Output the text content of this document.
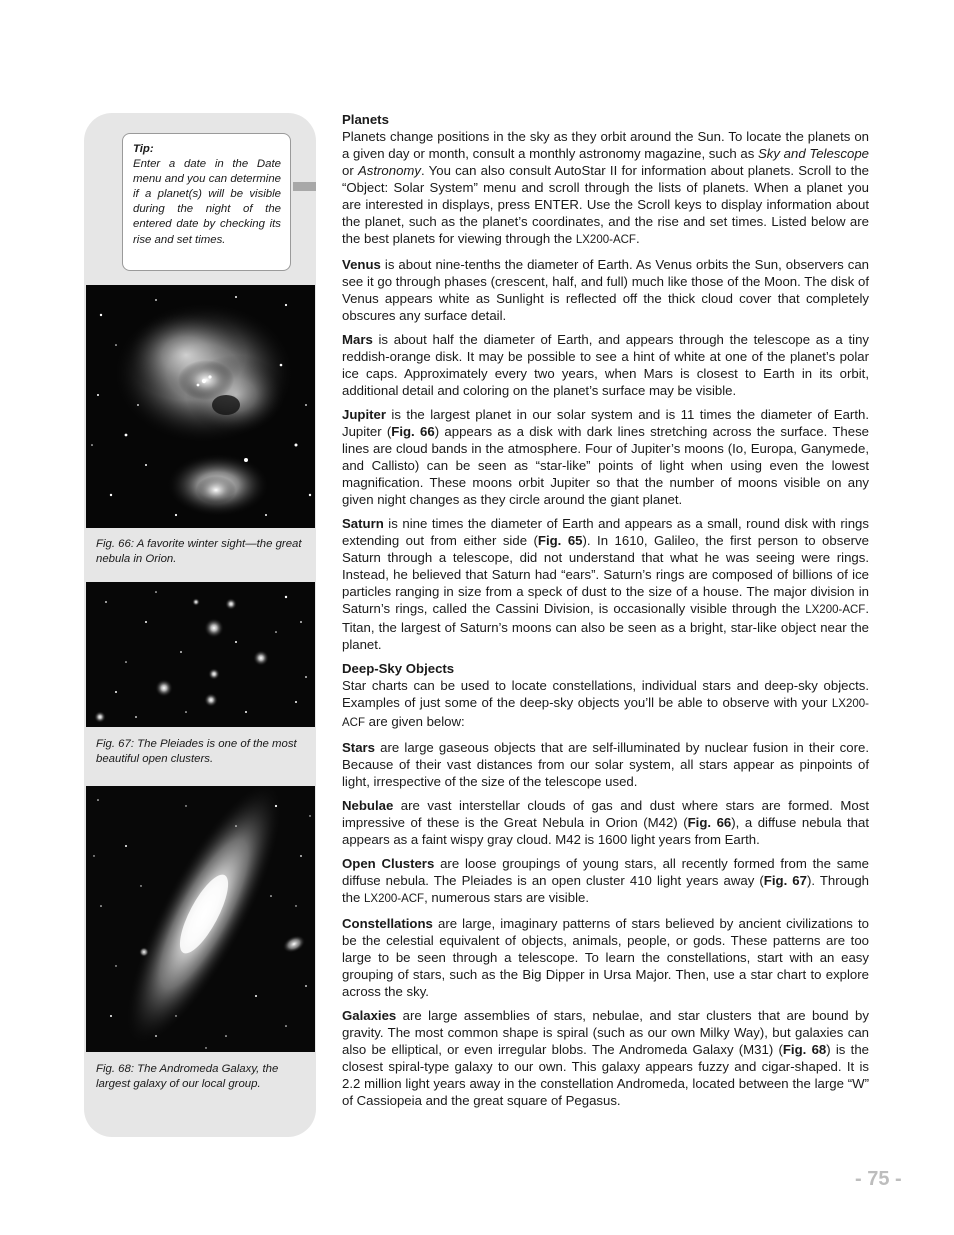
Tip:
Enter a date in the Date menu and you can determine if a planet(s) will be visible during the night of the entered date by checking its rise and set times.
Fig. 66: A favorite winter sight—the great nebula in Orion.
Fig. 67: The Pleiades is one of the most beautiful open clusters.
Fig. 68: The Andromeda Galaxy, the largest galaxy of our local group.

Planets
Planets change positions in the sky as they orbit around the Sun. To locate the planets on a given day or month, consult a monthly astronomy magazine, such as Sky and Telescope or Astronomy. You can also consult AutoStar II for information about planets. Scroll to the “Object: Solar System” menu and scroll through the lists of planets. When a planet you are interested in displays, press ENTER. Use the Scroll keys to display information about the planet, such as the planet’s coordinates, and the rise and set times. Listed below are the best planets for viewing through the LX200-ACF.

Venus is about nine-tenths the diameter of Earth. As Venus orbits the Sun, observers can see it go through phases (crescent, half, and full) much like those of the Moon. The disk of Venus appears white as Sunlight is reflected off the thick cloud cover that completely obscures any surface detail.

Mars is about half the diameter of Earth, and appears through the telescope as a tiny reddish-orange disk. It may be possible to see a hint of white at one of the planet’s polar ice caps. Approximately every two years, when Mars is closest to Earth in its orbit, additional detail and coloring on the planet’s surface may be visible.

Jupiter is the largest planet in our solar system and is 11 times the diameter of Earth. Jupiter (Fig. 66) appears as a disk with dark lines stretching across the surface. These lines are cloud bands in the atmosphere. Four of Jupiter’s moons (Io, Europa, Ganymede, and Callisto) can be seen as “star-like” points of light when using even the lowest magnification. These moons orbit Jupiter so that the number of moons visible on any given night changes as they circle around the giant planet.

Saturn is nine times the diameter of Earth and appears as a small, round disk with rings extending out from either side (Fig. 65). In 1610, Galileo, the first person to observe Saturn through a telescope, did not understand that what he was seeing were rings. Instead, he believed that Saturn had “ears”. Saturn’s rings are composed of billions of ice particles ranging in size from a speck of dust to the size of a house. The major division in Saturn’s rings, called the Cassini Division, is occasionally visible through the LX200-ACF. Titan, the largest of Saturn’s moons can also be seen as a bright, star-like object near the planet.

Deep-Sky Objects
Star charts can be used to locate constellations, individual stars and deep-sky objects. Examples of just some of the deep-sky objects you’ll be able to observe with your LX200-ACF are given below:

Stars are large gaseous objects that are self-illuminated by nuclear fusion in their core. Because of their vast distances from our solar system, all stars appear as pinpoints of light, irrespective of the size of the telescope used.

Nebulae are vast interstellar clouds of gas and dust where stars are formed. Most impressive of these is the Great Nebula in Orion (M42) (Fig. 66), a diffuse nebula that appears as a faint wispy gray cloud. M42 is 1600 light years from Earth.

Open Clusters are loose groupings of young stars, all recently formed from the same diffuse nebula. The Pleiades is an open cluster 410 light years away (Fig. 67). Through the LX200-ACF, numerous stars are visible.

Constellations are large, imaginary patterns of stars believed by ancient civilizations to be the celestial equivalent of objects, animals, people, or gods. These patterns are too large to be seen through a telescope. To learn the constellations, start with an easy grouping of stars, such as the Big Dipper in Ursa Major. Then, use a star chart to explore across the sky.

Galaxies are large assemblies of stars, nebulae, and star clusters that are bound by gravity. The most common shape is spiral (such as our own Milky Way), but galaxies can also be elliptical, or even irregular blobs. The Andromeda Galaxy (M31) (Fig. 68) is the closest spiral-type galaxy to our own. This galaxy appears fuzzy and cigar-shaped. It is 2.2 million light years away in the constellation Andromeda, located between the large “W” of Cassiopeia and the great square of Pegasus.

- 75 -
